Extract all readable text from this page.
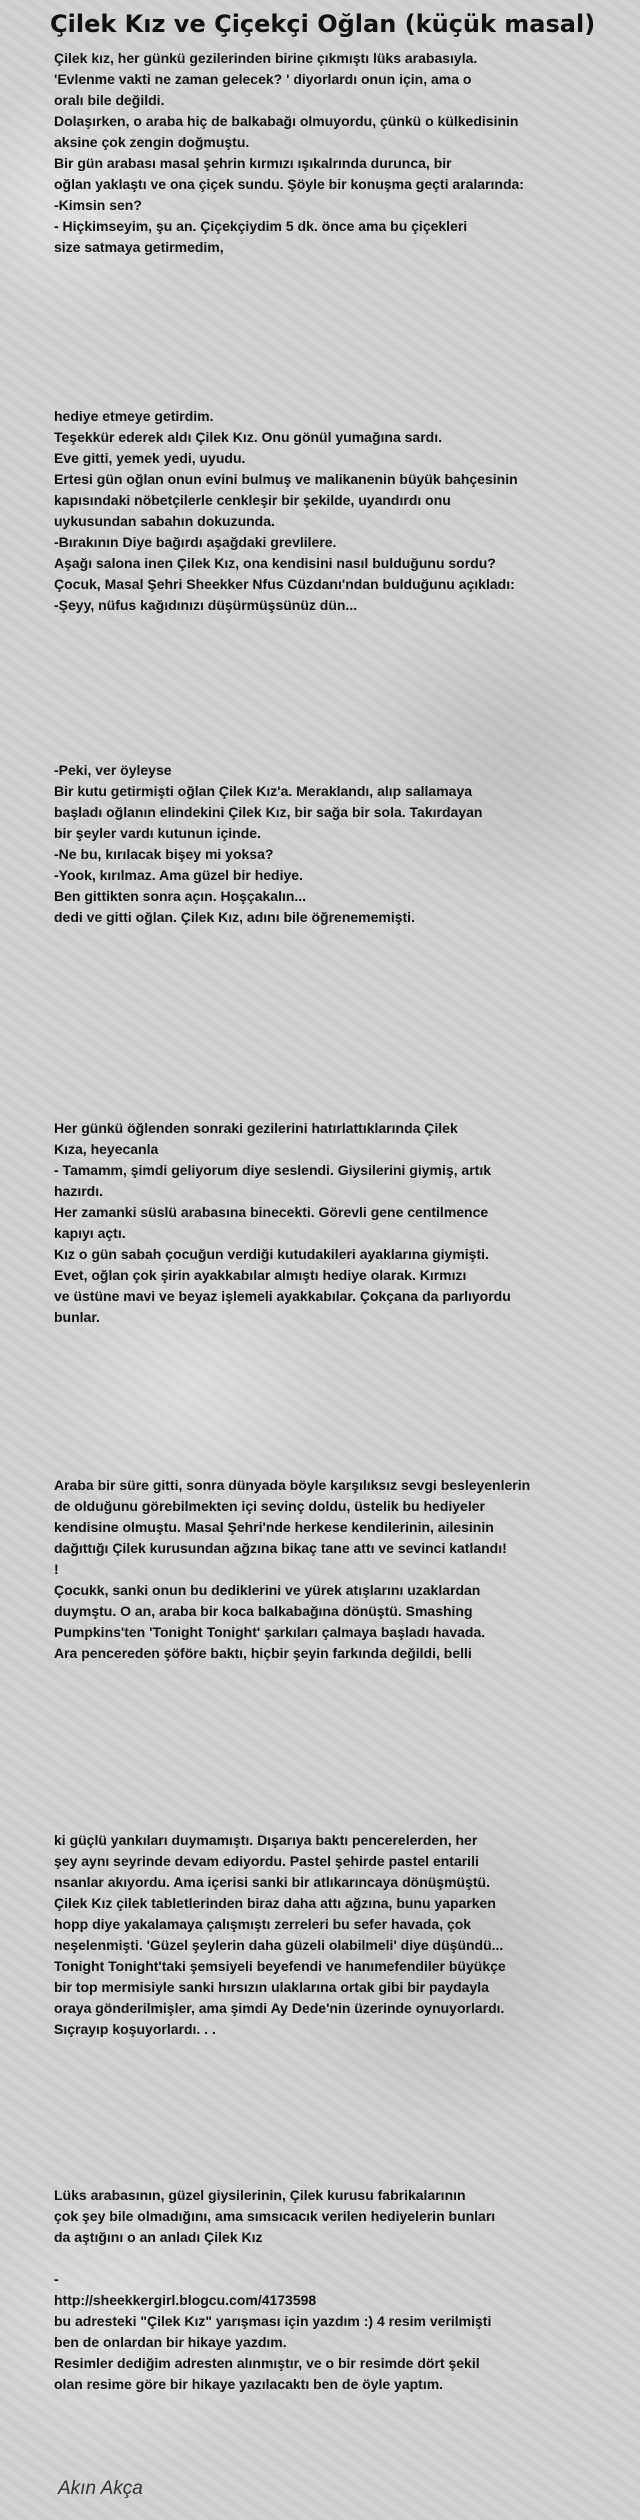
Çilek Kız ve Çiçekçi Oğlan (küçük masal)
Çilek kız, her günkü gezilerinden birine çıkmıştı lüks arabasıyla.
'Evlenme vakti ne zaman gelecek? ' diyorlardı onun için, ama o
oralı bile değildi.
Dolaşırken, o araba hiç de balkabağı olmuyordu, çünkü o külkedisinin
aksine çok zengin doğmuştu.
Bir gün arabası masal şehrin kırmızı ışıkalrında durunca, bir
oğlan yaklaştı ve ona çiçek sundu. Şöyle bir konuşma geçti aralarında:
-Kimsin sen?
- Hiçkimseyim, şu an. Çiçekçiydim 5 dk. önce ama bu çiçekleri
size satmaya getirmedim,
hediye etmeye getirdim.
Teşekkür ederek aldı Çilek Kız. Onu gönül yumağına sardı.
Eve gitti, yemek yedi, uyudu.
Ertesi gün oğlan onun evini bulmuş ve malikanenin büyük bahçesinin
kapısındaki nöbetçilerle cenkleşir bir şekilde, uyandırdı onu
uykusundan sabahın dokuzunda.
-Bırakının Diye bağırdı aşağdaki grevlilere.
Aşağı salona inen Çilek Kız, ona kendisini nasıl bulduğunu sordu?
Çocuk, Masal Şehri Sheekker Nfus Cüzdanı'ndan bulduğunu açıkladı:
-Şeyy, nüfus kağıdınızı düşürmüşsünüz dün...
-Peki, ver öyleyse
Bir kutu getirmişti oğlan Çilek Kız'a. Meraklandı, alıp sallamaya
başladı oğlanın elindekini Çilek Kız, bir sağa bir sola. Takırdayan
bir şeyler vardı kutunun içinde.
-Ne bu, kırılacak bişey mi yoksa?
-Yook, kırılmaz. Ama güzel bir hediye.
Ben gittikten sonra açın. Hoşçakalın...
dedi ve gitti oğlan. Çilek Kız, adını bile öğrenememişti.
Her günkü öğlenden sonraki gezilerini hatırlattıklarında Çilek
Kıza, heyecanla
- Tamamm, şimdi geliyorum diye seslendi. Giysilerini giymiş, artık
hazırdı.
Her zamanki süslü arabasına binecekti. Görevli gene centilmence
kapıyı açtı.
Kız o gün sabah çocuğun verdiği kutudakileri ayaklarına giymişti.
Evet, oğlan çok şirin ayakkabılar almıştı hediye olarak. Kırmızı
ve üstüne mavi ve beyaz işlemeli ayakkabılar. Çokçana da parlıyordu
bunlar.
Araba bir süre gitti, sonra dünyada böyle karşılıksız sevgi besleyenlerin
de olduğunu görebilmekten içi sevinç doldu, üstelik bu hediyeler
kendisine olmuştu. Masal Şehri'nde herkese kendilerinin, ailesinin
dağıttığı Çilek kurusundan ağzına bikaç tane attı ve sevinci katlandı!
!
Çocukk, sanki onun bu dediklerini ve yürek atışlarını uzaklardan
duymştu. O an, araba bir koca balkabağına dönüştü. Smashing
Pumpkins'ten 'Tonight Tonight' şarkıları çalmaya başladı havada.
Ara pencereden şöföre baktı, hiçbir şeyin farkında değildi, belli
ki güçlü yankıları duymamıştı. Dışarıya baktı pencerelerden, her
şey aynı seyrinde devam ediyordu. Pastel şehirde pastel entarili
nsanlar akıyordu. Ama içerisi sanki bir atlıkarıncaya dönüşmüştü.
Çilek Kız çilek tabletlerinden biraz daha attı ağzına, bunu yaparken
hopp diye yakalamaya çalışmıştı zerreleri bu sefer havada, çok
neşelenmişti. 'Güzel şeylerin daha güzeli olabilmeli' diye düşündü...
Tonight Tonight'taki şemsiyeli beyefendi ve hanımefendiler büyükçe
bir top mermisiyle sanki hırsızın ulaklarına ortak gibi bir paydayla
oraya gönderilmişler, ama şimdi Ay Dede'nin üzerinde oynuyorlardı.
Sıçrayıp koşuyorlardı. . .
Lüks arabasının, güzel giysilerinin, Çilek kurusu fabrikalarının
çok şey bile olmadığını, ama sımsıcacık verilen hediyelerin bunları
da aştığını o an anladı Çilek Kız
-
http://sheekkergirl.blogcu.com/4173598
bu adresteki "Çilek Kız" yarışması için yazdım :) 4 resim verilmişti
ben de onlardan bir hikaye yazdım.
Resimler dediğim adresten alınmıştır, ve o bir resimde dört şekil
olan resime göre bir hikaye yazılacaktı ben de öyle yaptım.
Akın Akça
